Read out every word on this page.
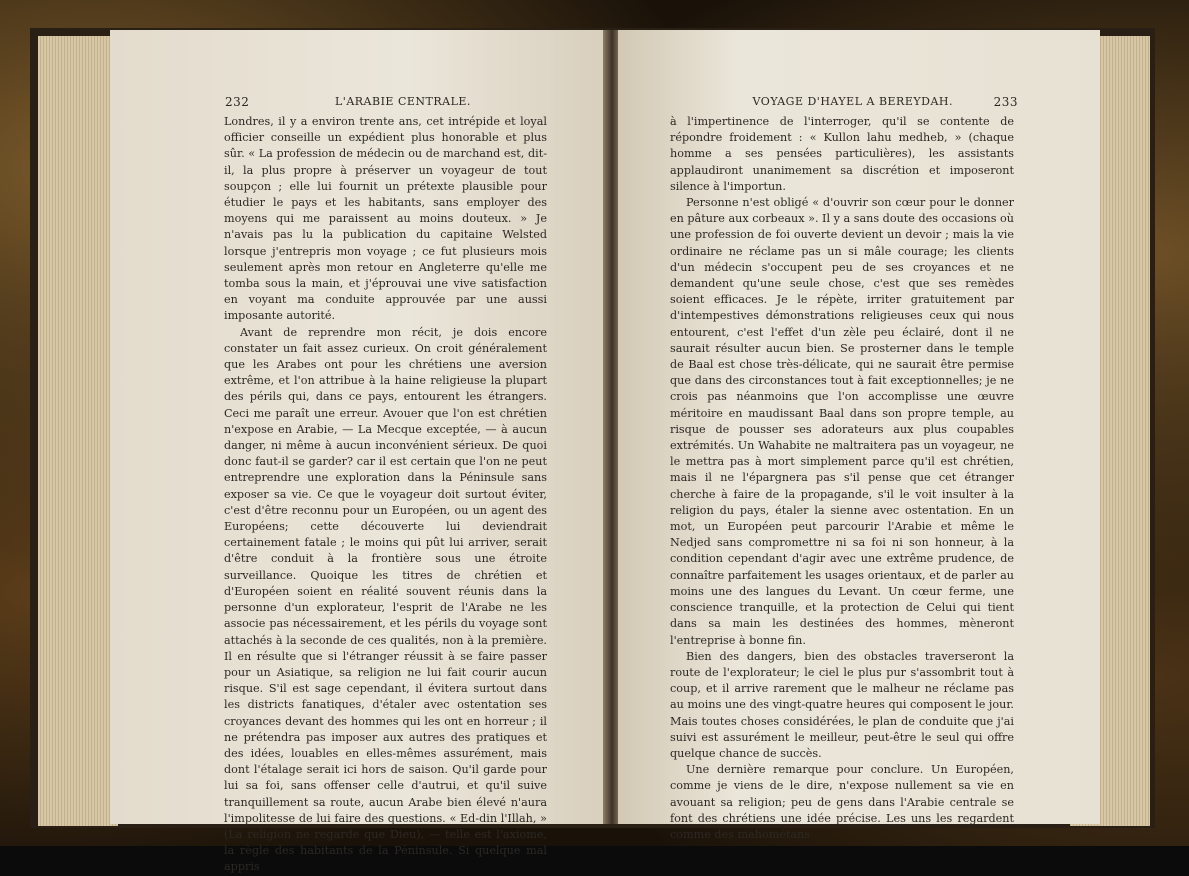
232	L'ARABIE CENTRALE.

Londres, il y a environ trente ans, cet intrépide et loyal officier conseille un expédient plus honorable et plus sûr. « La profession de médecin ou de marchand est, dit-il, la plus propre à préserver un voyageur de tout soupçon ; elle lui fournit un prétexte plausible pour étudier le pays et les habitants, sans employer des moyens qui me paraissent au moins douteux. » Je n'avais pas lu la publication du capitaine Welsted lorsque j'entrepris mon voyage ; ce fut plusieurs mois seulement après mon retour en Angleterre qu'elle me tomba sous la main, et j'éprouvai une vive satisfaction en voyant ma conduite approuvée par une aussi imposante autorité.

Avant de reprendre mon récit, je dois encore constater un fait assez curieux. On croit généralement que les Arabes ont pour les chrétiens une aversion extrême, et l'on attribue à la haine religieuse la plupart des périls qui, dans ce pays, entourent les étrangers. Ceci me paraît une erreur. Avouer que l'on est chrétien n'expose en Arabie, — La Mecque exceptée, — à aucun danger, ni même à aucun inconvénient sérieux. De quoi donc faut-il se garder? car il est certain que l'on ne peut entreprendre une exploration dans la Péninsule sans exposer sa vie. Ce que le voyageur doit surtout éviter, c'est d'être reconnu pour un Européen, ou un agent des Européens; cette découverte lui deviendrait certainement fatale ; le moins qui pût lui arriver, serait d'être conduit à la frontière sous une étroite surveillance. Quoique les titres de chrétien et d'Européen soient en réalité souvent réunis dans la personne d'un explorateur, l'esprit de l'Arabe ne les associe pas nécessairement, et les périls du voyage sont attachés à la seconde de ces qualités, non à la première. Il en résulte que si l'étranger réussit à se faire passer pour un Asiatique, sa religion ne lui fait courir aucun risque. S'il est sage cependant, il évitera surtout dans les districts fanatiques, d'étaler avec ostentation ses croyances devant des hommes qui les ont en horreur ; il ne prétendra pas imposer aux autres des pratiques et des idées, louables en elles-mêmes assurément, mais dont l'étalage serait ici hors de saison. Qu'il garde pour lui sa foi, sans offenser celle d'autrui, et qu'il suive tranquillement sa route, aucun Arabe bien élevé n'aura l'impolitesse de lui faire des questions. « Ed-din l'Illah, » (La religion ne regarde que Dieu), — telle est l'axiome, la règle des habitants de la Péninsule. Si quelque mal appris

VOYAGE D'HAYEL A BEREYDAH.	233

à l'impertinence de l'interroger, qu'il se contente de répondre froidement : « Kullon lahu medheb, » (chaque homme a ses pensées particulières), les assistants applaudiront unanimement sa discrétion et imposeront silence à l'importun.

Personne n'est obligé « d'ouvrir son cœur pour le donner en pâture aux corbeaux ». Il y a sans doute des occasions où une profession de foi ouverte devient un devoir ; mais la vie ordinaire ne réclame pas un si mâle courage; les clients d'un médecin s'occupent peu de ses croyances et ne demandent qu'une seule chose, c'est que ses remèdes soient efficaces. Je le répète, irriter gratuitement par d'intempestives démonstrations religieuses ceux qui nous entourent, c'est l'effet d'un zèle peu éclairé, dont il ne saurait résulter aucun bien. Se prosterner dans le temple de Baal est chose très-délicate, qui ne saurait être permise que dans des circonstances tout à fait exceptionnelles; je ne crois pas néanmoins que l'on accomplisse une œuvre méritoire en maudissant Baal dans son propre temple, au risque de pousser ses adorateurs aux plus coupables extrémités. Un Wahabite ne maltraitera pas un voyageur, ne le mettra pas à mort simplement parce qu'il est chrétien, mais il ne l'épargnera pas s'il pense que cet étranger cherche à faire de la propagande, s'il le voit insulter à la religion du pays, étaler la sienne avec ostentation. En un mot, un Européen peut parcourir l'Arabie et même le Nedjed sans compromettre ni sa foi ni son honneur, à la condition cependant d'agir avec une extrême prudence, de connaître parfaitement les usages orientaux, et de parler au moins une des langues du Levant. Un cœur ferme, une conscience tranquille, et la protection de Celui qui tient dans sa main les destinées des hommes, mèneront l'entreprise à bonne fin.

Bien des dangers, bien des obstacles traverseront la route de l'explorateur; le ciel le plus pur s'assombrit tout à coup, et il arrive rarement que le malheur ne réclame pas au moins une des vingt-quatre heures qui composent le jour. Mais toutes choses considérées, le plan de conduite que j'ai suivi est assurément le meilleur, peut-être le seul qui offre quelque chance de succès.

Une dernière remarque pour conclure. Un Européen, comme je viens de le dire, n'expose nullement sa vie en avouant sa religion; peu de gens dans l'Arabie centrale se font des chrétiens une idée précise. Les uns les regardent comme des mahométans
